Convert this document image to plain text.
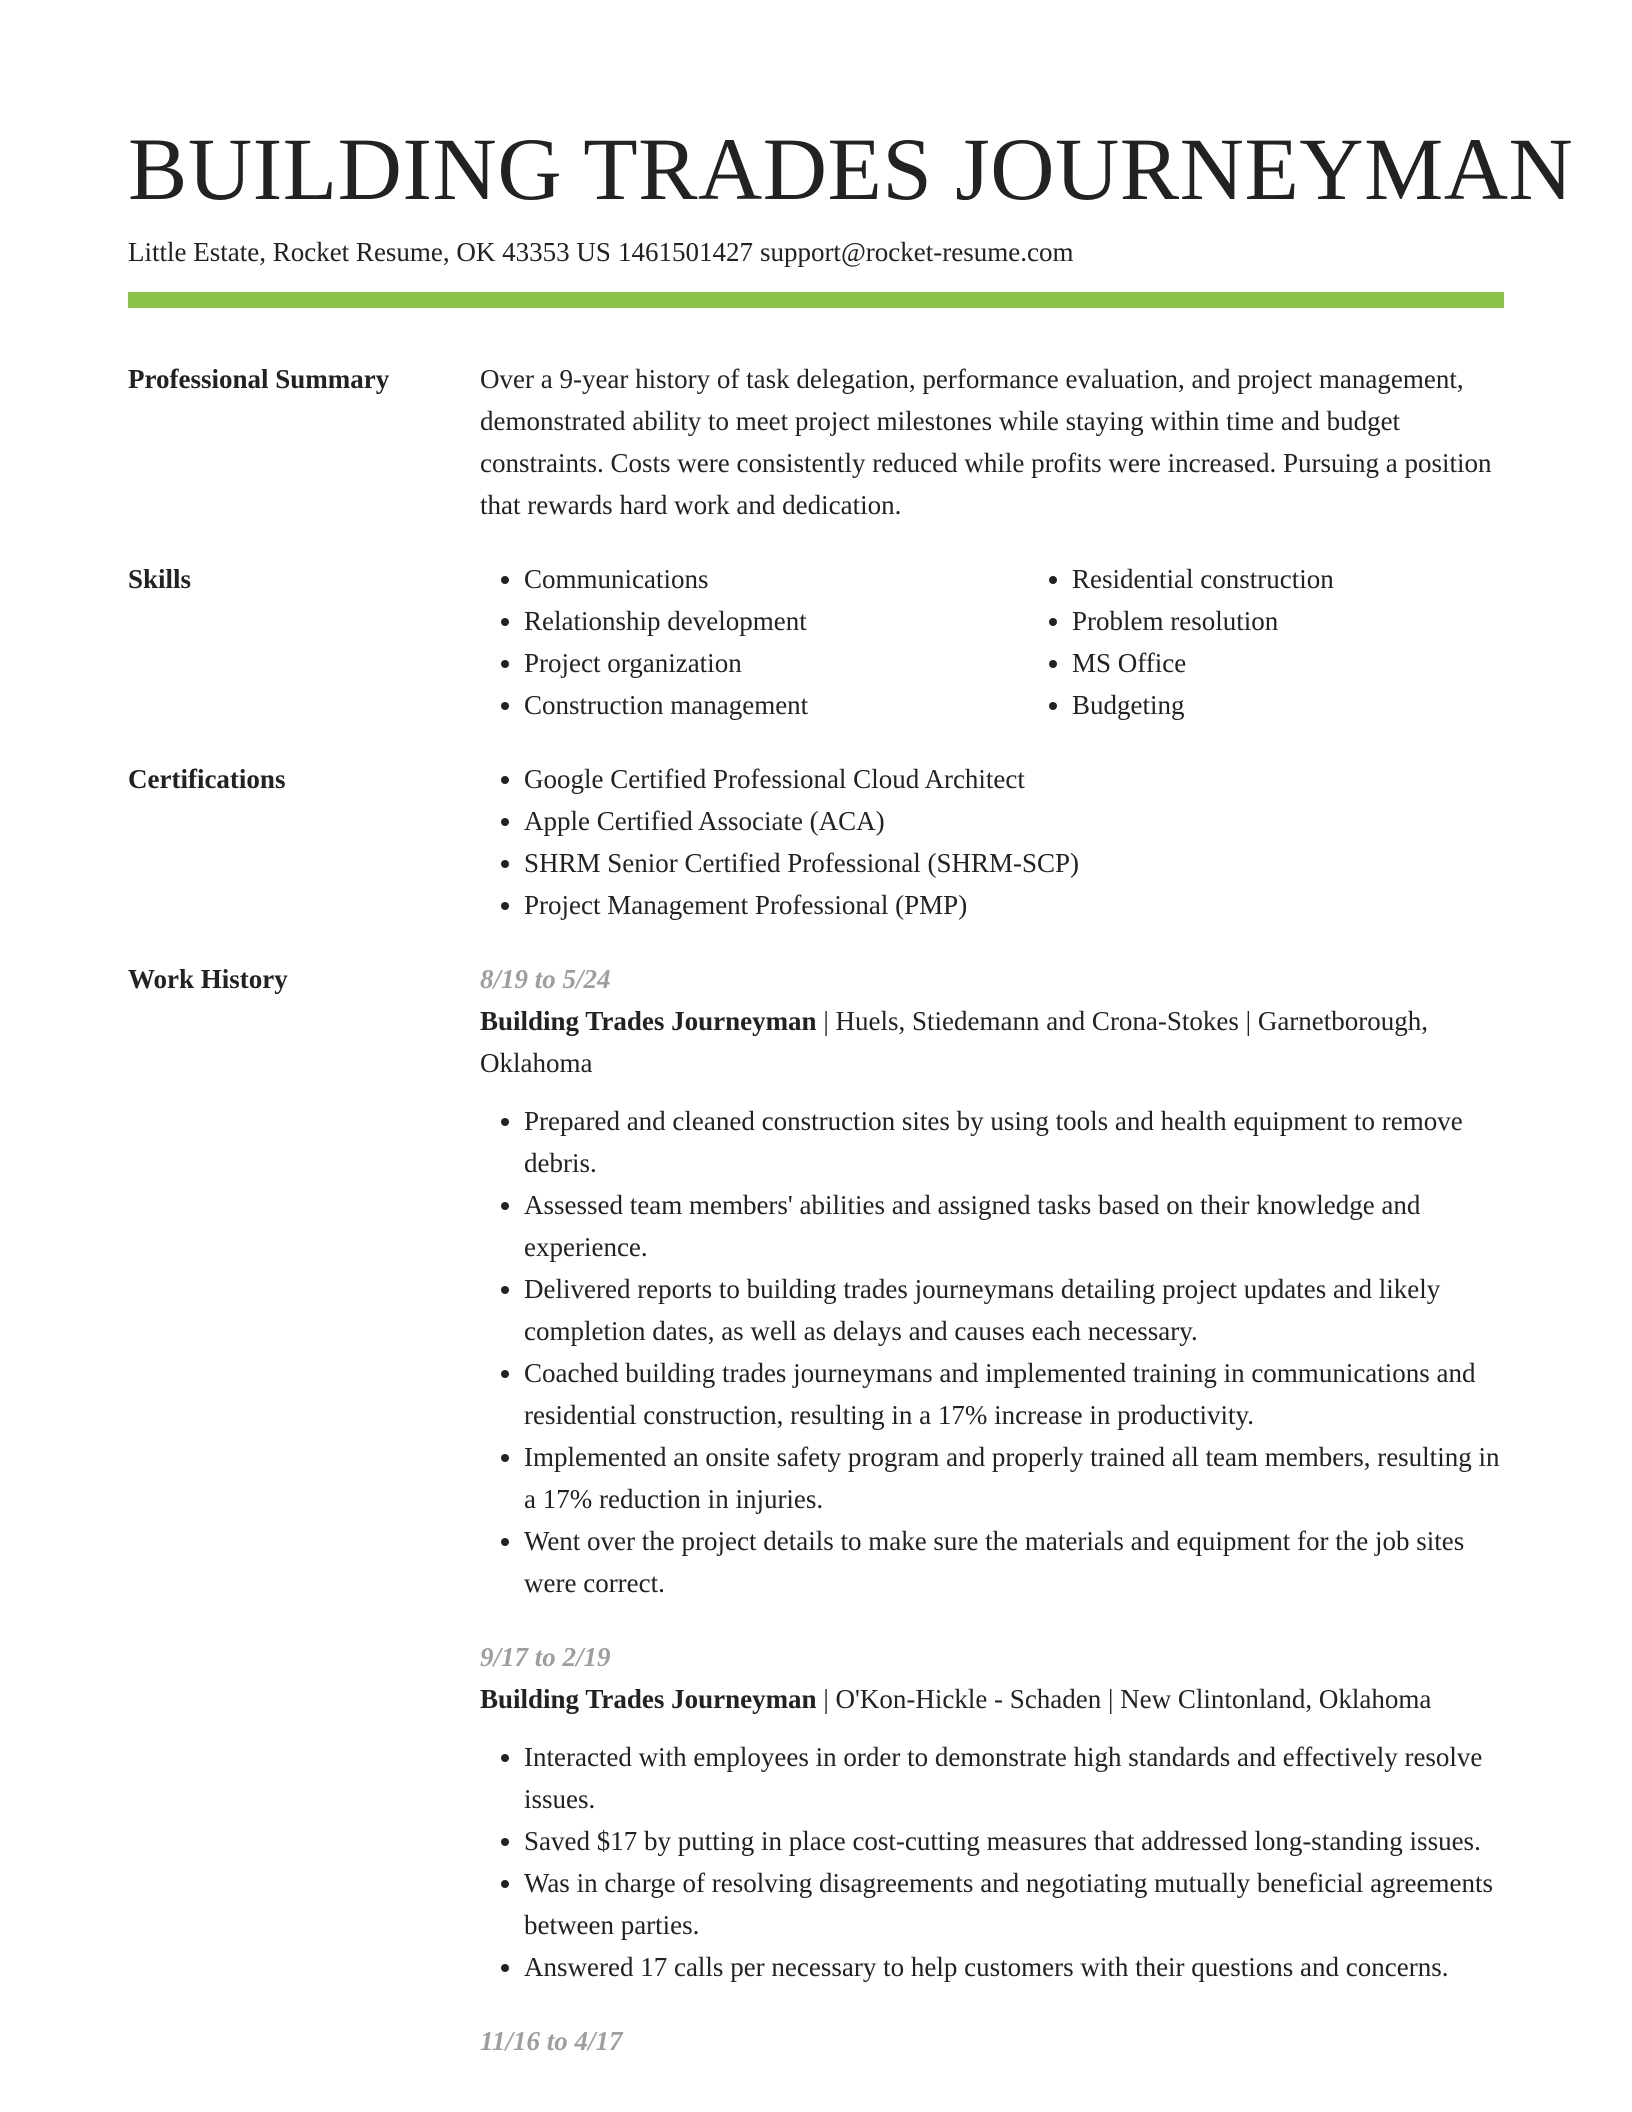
BUILDING TRADES JOURNEYMAN
Little Estate, Rocket Resume, OK 43353 US 1461501427 support@rocket-resume.com
Professional Summary	Over a 9-year history of task delegation, performance evaluation, and project management, demonstrated ability to meet project milestones while staying within time and budget constraints. Costs were consistently reduced while profits were increased. Pursuing a position that rewards hard work and dedication.
Skills	• Communications
• Relationship development
• Project organization
• Construction management
• Residential construction
• Problem resolution
• MS Office
• Budgeting
Certifications	• Google Certified Professional Cloud Architect
• Apple Certified Associate (ACA)
• SHRM Senior Certified Professional (SHRM-SCP)
• Project Management Professional (PMP)
Work History	8/19 to 5/24
Building Trades Journeyman | Huels, Stiedemann and Crona-Stokes | Garnetborough, Oklahoma
• Prepared and cleaned construction sites by using tools and health equipment to remove debris.
• Assessed team members' abilities and assigned tasks based on their knowledge and experience.
• Delivered reports to building trades journeymans detailing project updates and likely completion dates, as well as delays and causes each necessary.
• Coached building trades journeymans and implemented training in communications and residential construction, resulting in a 17% increase in productivity.
• Implemented an onsite safety program and properly trained all team members, resulting in a 17% reduction in injuries.
• Went over the project details to make sure the materials and equipment for the job sites were correct.
9/17 to 2/19
Building Trades Journeyman | O'Kon-Hickle - Schaden | New Clintonland, Oklahoma
• Interacted with employees in order to demonstrate high standards and effectively resolve issues.
• Saved $17 by putting in place cost-cutting measures that addressed long-standing issues.
• Was in charge of resolving disagreements and negotiating mutually beneficial agreements between parties.
• Answered 17 calls per necessary to help customers with their questions and concerns.
11/16 to 4/17
